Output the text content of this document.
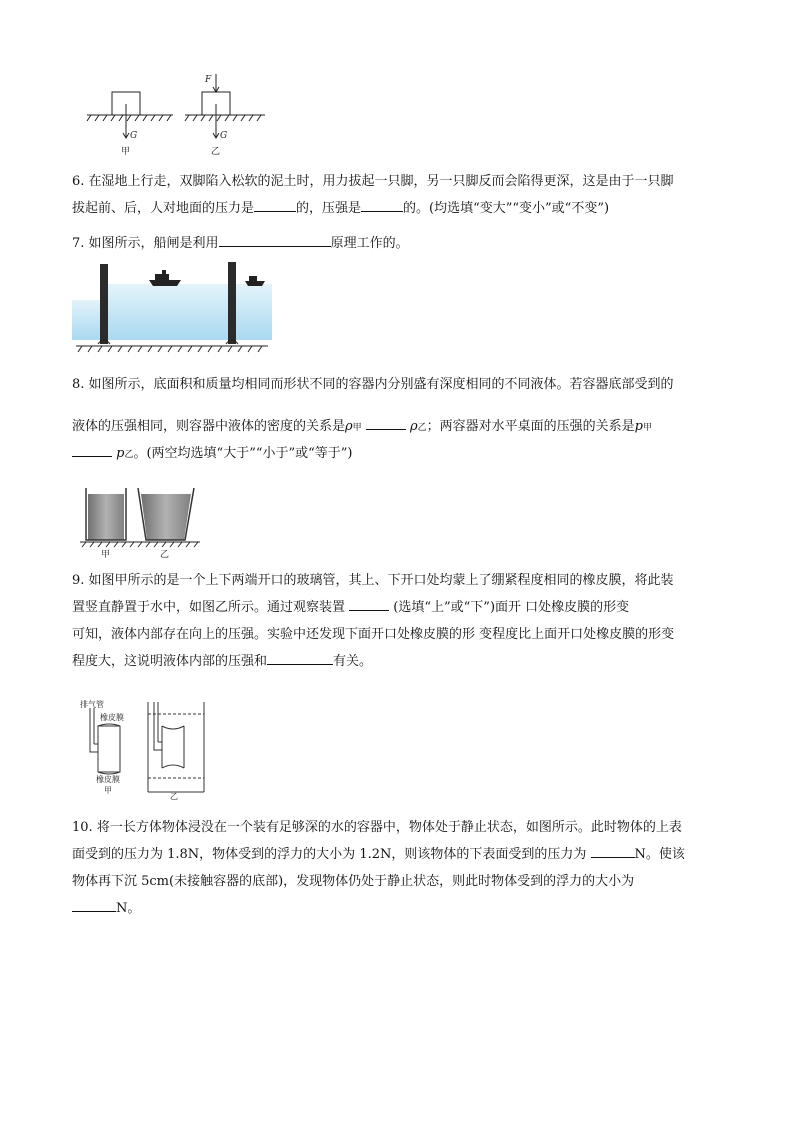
F
G	G
甲	乙

6. 在湿地上行走，双脚陷入松软的泥土时，用力拔起一只脚，另一只脚反而会陷得更深，这是由于一只脚

拔起前、后，人对地面的压力是	的，压强是	的。(均选填“变大”“变小”或“不变”)

7. 如图所示，船闸是利用	原理工作的。

8. 如图所示，底面积和质量均相同而形状不同的容器内分别盛有深度相同的不同液体。若容器底部受到的

液体的压强相同，则容器中液体的密度的关系是ρ甲	ρ乙；两容器对水平桌面的压强的关系是p甲

p乙。(两空均选填“大于”“小于”或“等于”)

甲	乙

9. 如图甲所示的是一个上下两端开口的玻璃管，其上、下开口处均蒙上了绷紧程度相同的橡皮膜，将此装

置竖直静置于水中，如图乙所示。通过观察装置	(选填“上”或“下”)面开 口处橡皮膜的形变

可知，液体内部存在向上的压强。实验中还发现下面开口处橡皮膜的形 变程度比上面开口处橡皮膜的形变

程度大，这说明液体内部的压强和	有关。

排气管
橡皮膜
橡皮膜
甲
乙

10. 将一长方体物体浸没在一个装有足够深的水的容器中，物体处于静止状态，如图所示。此时物体的上表

面受到的压力为 1.8N，物体受到的浮力的大小为 1.2N，则该物体的下表面受到的压力为	N。使该

物体再下沉 5cm(未接触容器的底部)，发现物体仍处于静止状态，则此时物体受到的浮力的大小为

N。
